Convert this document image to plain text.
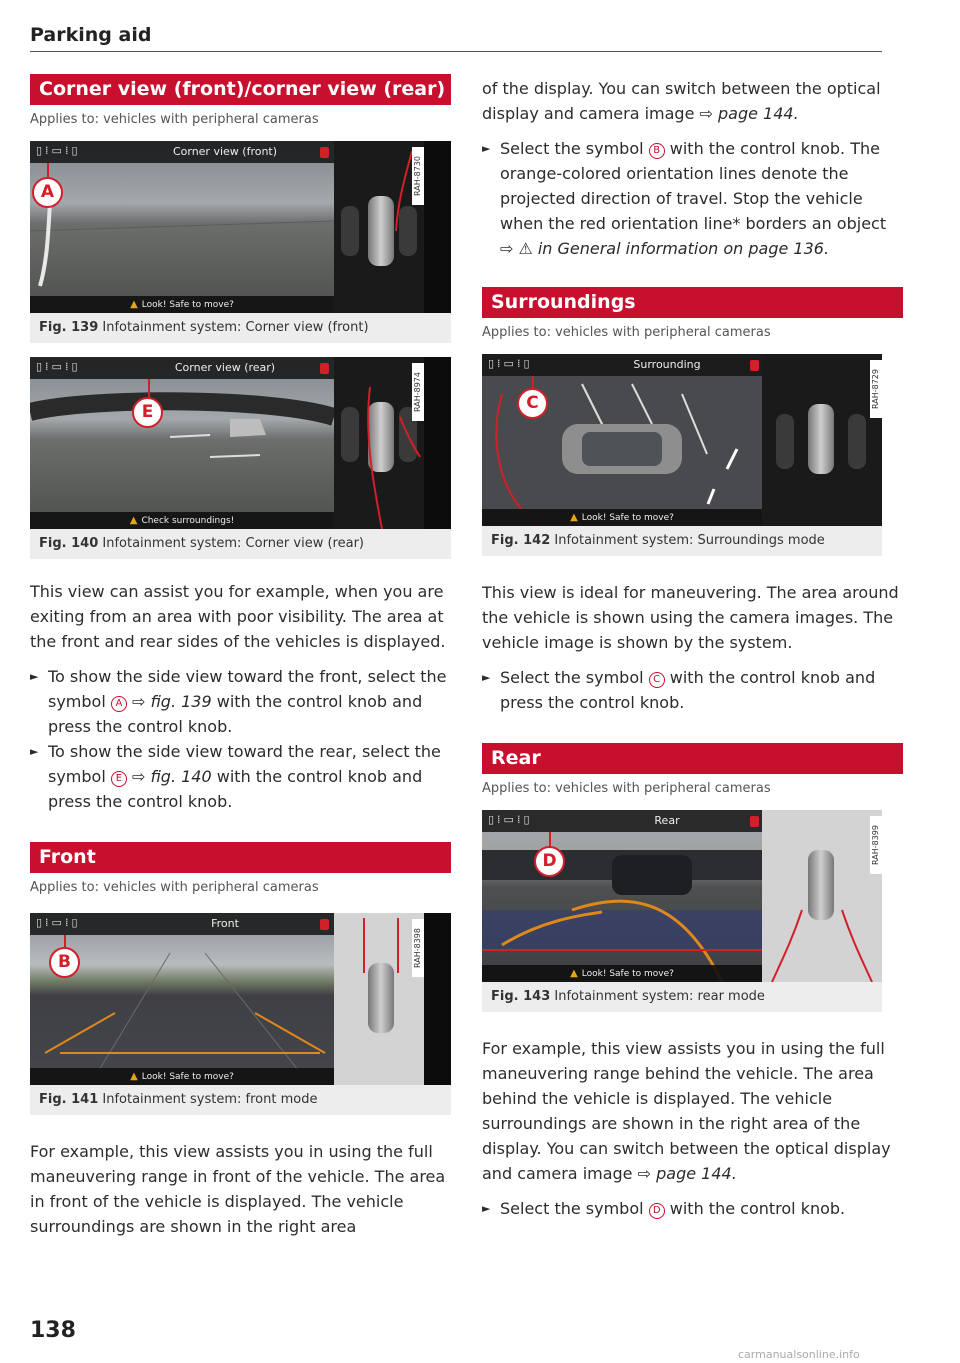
Parking aid
Corner view (front)/corner view (rear)
Applies to: vehicles with peripheral cameras
▯⁞▭⁞▯	Corner view (front)
A
▲ Look! Safe to move?
RAH-8730
Fig. 139 Infotainment system: Corner view (front)
▯⁞▭⁞▯	Corner view (rear)
E
▲ Check surroundings!
RAH-8974
Fig. 140 Infotainment system: Corner view (rear)
This view can assist you for example, when you are exiting from an area with poor visibility. The area at the front and rear sides of the vehicles is displayed.
► To show the side view toward the front, select the symbol A ⇨ fig. 139 with the control knob and press the control knob.
► To show the side view toward the rear, select the symbol E ⇨ fig. 140 with the control knob and press the control knob.
Front
Applies to: vehicles with peripheral cameras
▯⁞▭⁞▯	Front
B
▲ Look! Safe to move?
RAH-8398
Fig. 141 Infotainment system: front mode
For example, this view assists you in using the full maneuvering range in front of the vehicle. The area in front of the vehicle is displayed. The vehicle surroundings are shown in the right area
of the display. You can switch between the optical display and camera image ⇨ page 144.
► Select the symbol B with the control knob. The orange-colored orientation lines denote the projected direction of travel. Stop the vehicle when the red orientation line* borders an object ⇨ ⚠ in General information on page 136.
Surroundings
Applies to: vehicles with peripheral cameras
▯⁞▭⁞▯	Surrounding
C
▲ Look! Safe to move?
RAH-8729
Fig. 142 Infotainment system: Surroundings mode
This view is ideal for maneuvering. The area around the vehicle is shown using the camera images. The vehicle image is shown by the system.
► Select the symbol C with the control knob and press the control knob.
Rear
Applies to: vehicles with peripheral cameras
▯⁞▭⁞▯	Rear
D
▲ Look! Safe to move?
RAH-8399
Fig. 143 Infotainment system: rear mode
For example, this view assists you in using the full maneuvering range behind the vehicle. The area behind the vehicle is displayed. The vehicle surroundings are shown in the right area of the display. You can switch between the optical display and camera image ⇨ page 144.
► Select the symbol D with the control knob.
138
carmanualsonline.info
